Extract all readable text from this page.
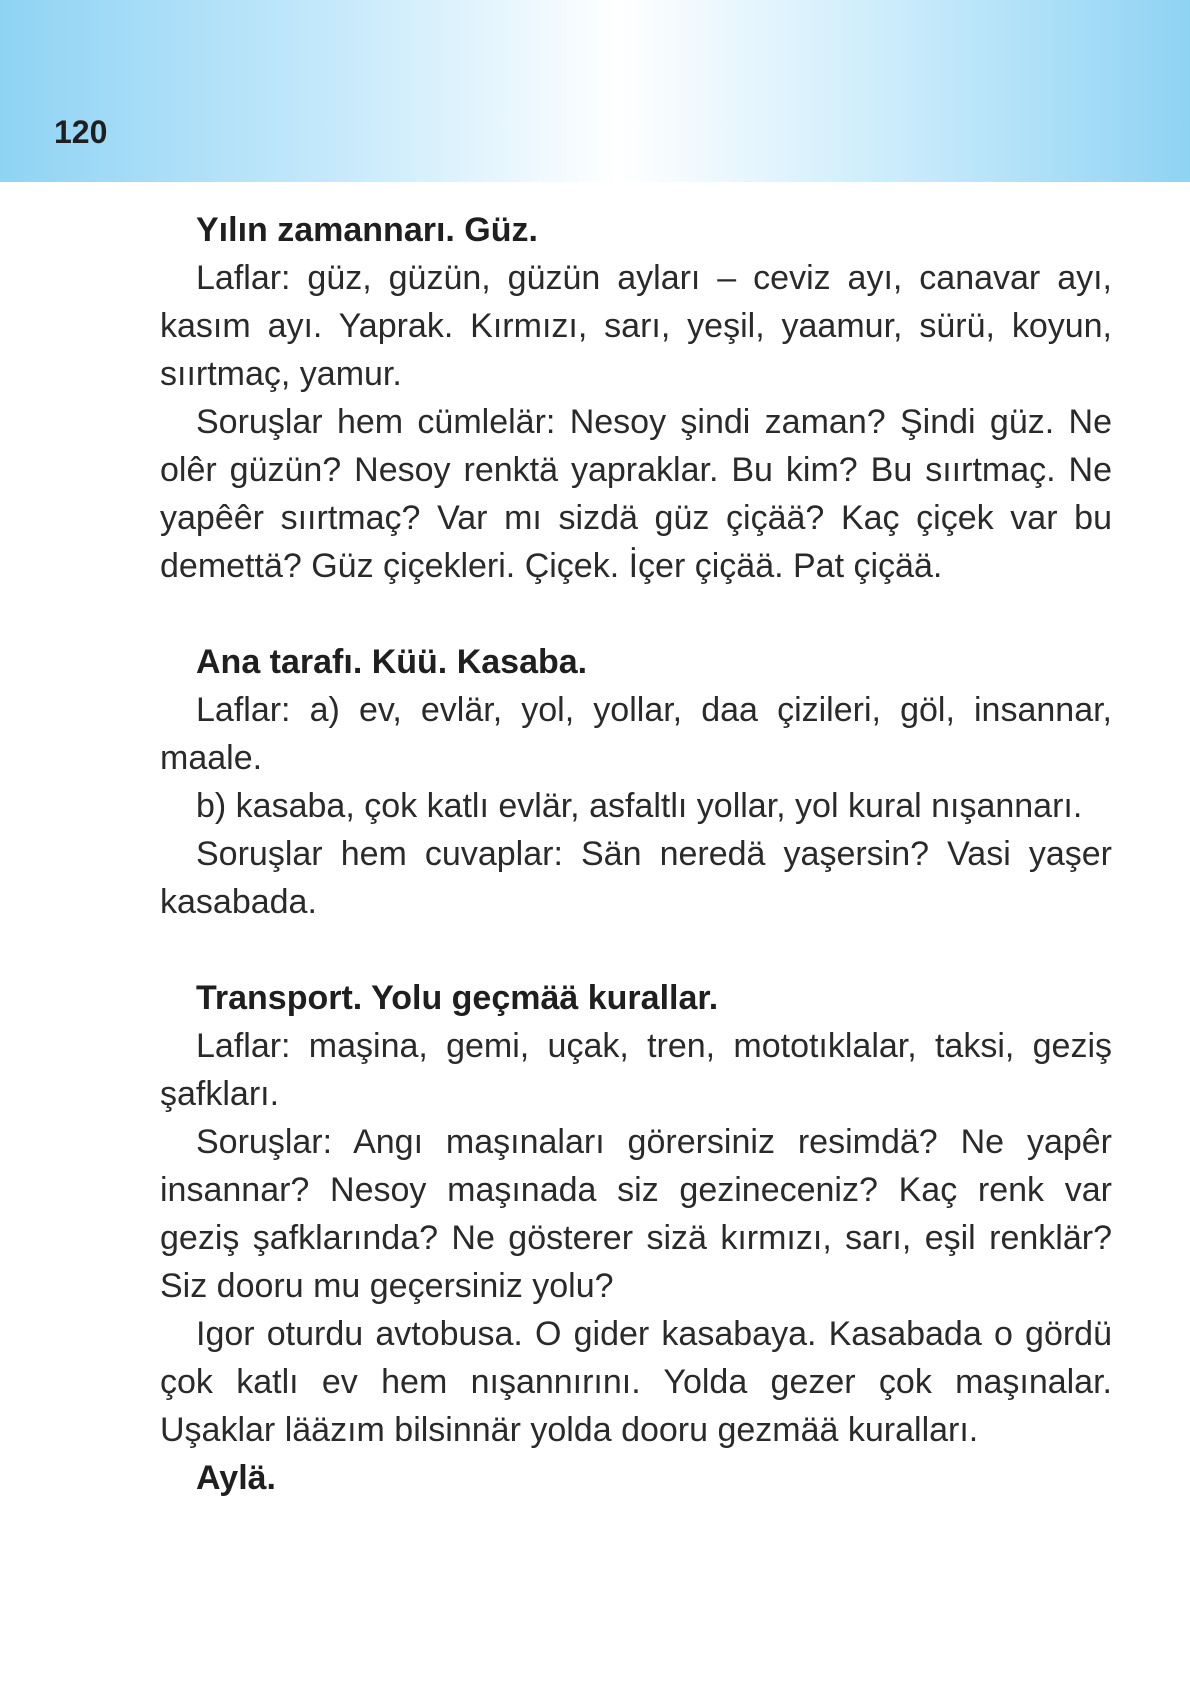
120

Yılın zamannarı. Güz.

Laflar: güz, güzün, güzün ayları – ceviz ayı, canavar ayı, kasım ayı. Yaprak. Kırmızı, sarı, yeşil, yaamur, sürü, koyun, sıırtmaç, yamur.

Soruşlar hem cümlelär: Nesoy şindi zaman? Şindi güz. Ne olêr güzün? Nesoy renktä yapraklar. Bu kim? Bu sıırtmaç. Ne yapêêr sıırtmaç? Var mı sizdä güz çiçää? Kaç çiçek var bu demettä? Güz çiçekleri. Çiçek. İçer çiçää. Pat çiçää.

Ana tarafı. Küü. Kasaba.

Laflar: a) ev, evlär, yol, yollar, daa çizileri, göl, insannar, maale.

b) kasaba, çok katlı evlär, asfaltlı yollar, yol kural nışannarı.

Soruşlar hem cuvaplar: Sän neredä yaşersin? Vasi yaşer kasabada.

Transport. Yolu geçmää kurallar.

Laflar: maşina, gemi, uçak, tren, mototıklalar, taksi, geziş şafkları.

Soruşlar: Angı maşınaları görersiniz resimdä? Ne yapêr insannar? Nesoy maşınada siz gezineceniz? Kaç renk var geziş şafklarında? Ne gösterer sizä kırmızı, sarı, eşil renklär? Siz dooru mu geçersiniz yolu?

Igor oturdu avtobusa. O gider kasabaya. Kasabada o gördü çok katlı ev hem nışannırını. Yolda gezer çok maşınalar. Uşaklar lääzım bilsinnär yolda dooru gezmää kuralları.

Aylä.
